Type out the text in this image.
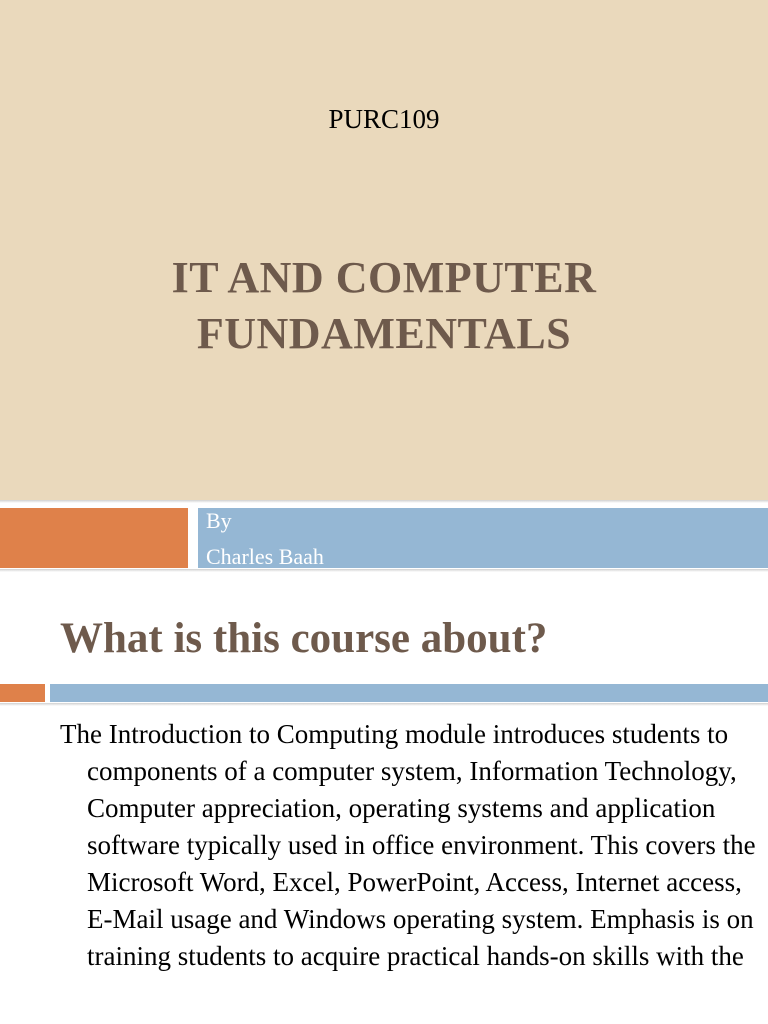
PURC109
IT AND COMPUTER
FUNDAMENTALS
By
Charles Baah
What is this course about?
The Introduction to Computing module introduces students to components of a computer system, Information Technology, Computer appreciation, operating systems and application software typically used in office environment. This covers the Microsoft Word, Excel, PowerPoint, Access, Internet access, E-Mail usage and Windows operating system. Emphasis is on training students to acquire practical hands-on skills with the
